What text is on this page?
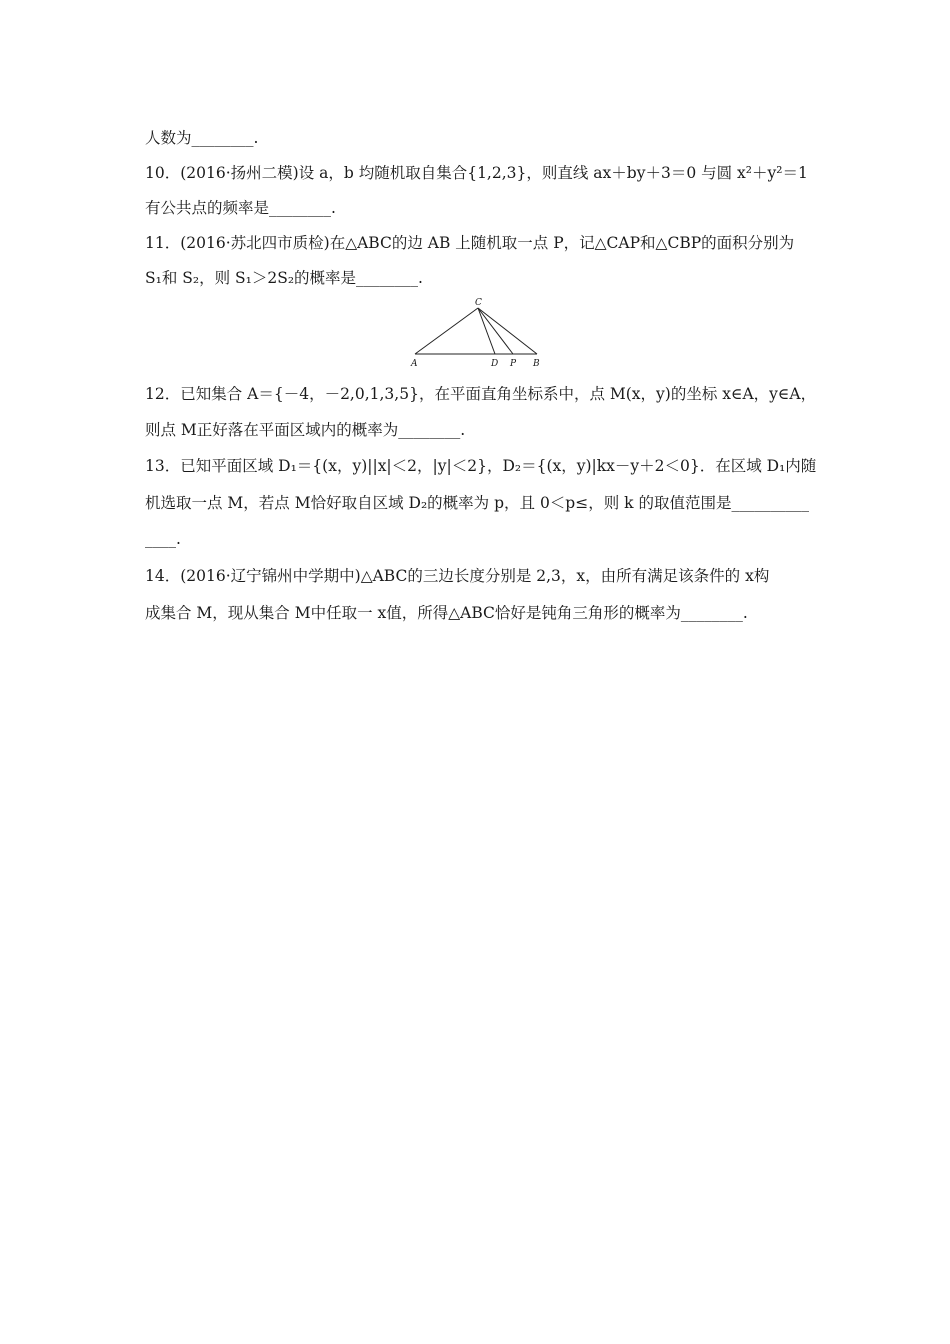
人数为________.
10．(2016·扬州二模)设 a，b 均随机取自集合{1,2,3}，则直线 ax＋by＋3＝0 与圆 x²＋y²＝1
有公共点的频率是________.
11．(2016·苏北四市质检)在△ABC的边 AB 上随机取一点 P，记△CAP和△CBP的面积分别为
S₁和 S₂，则 S₁＞2S₂的概率是________.
C
A	D P B
12．已知集合 A＝{－4，－2,0,1,3,5}，在平面直角坐标系中，点 M(x，y)的坐标 x∈A，y∈A，
则点 M正好落在平面区域内的概率为________.
13．已知平面区域 D₁＝{(x，y)||x|＜2，|y|＜2}，D₂＝{(x，y)|kx－y＋2＜0}．在区域 D₁内随
机选取一点 M，若点 M恰好取自区域 D₂的概率为 p，且 0＜p≤，则 k 的取值范围是__________
____.
14．(2016·辽宁锦州中学期中)△ABC的三边长度分别是 2,3，x，由所有满足该条件的 x构
成集合 M，现从集合 M中任取一 x值，所得△ABC恰好是钝角三角形的概率为________.
